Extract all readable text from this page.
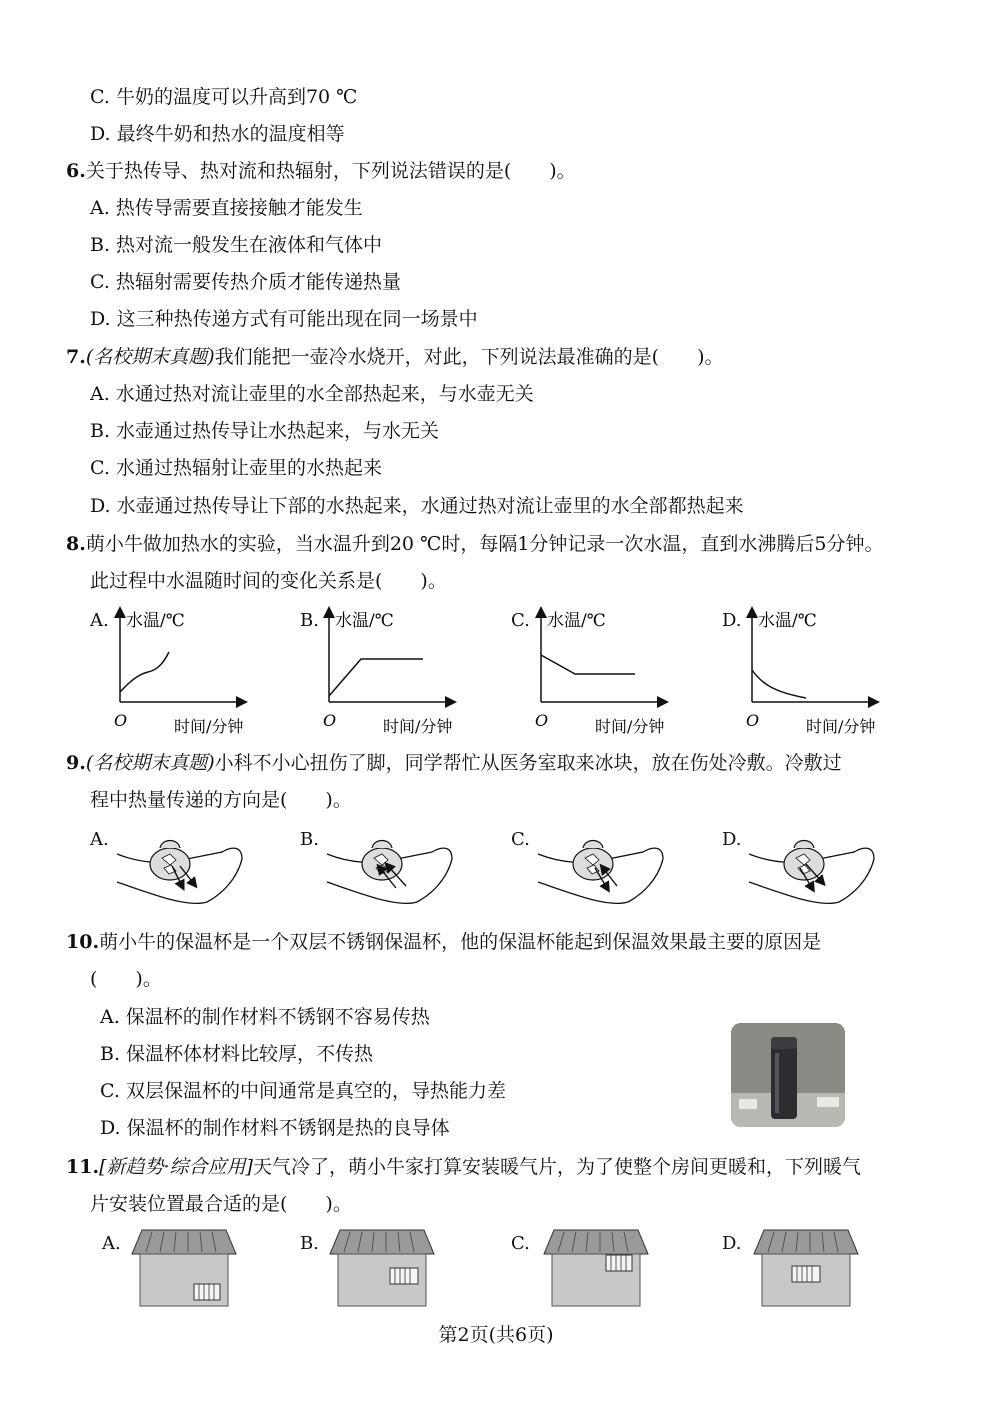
C. 牛奶的温度可以升高到70 ℃
D. 最终牛奶和热水的温度相等
6.关于热传导、热对流和热辐射，下列说法错误的是(　　)。
A. 热传导需要直接接触才能发生
B. 热对流一般发生在液体和气体中
C. 热辐射需要传热介质才能传递热量
D. 这三种热传递方式有可能出现在同一场景中
7.(名校期末真题)我们能把一壶冷水烧开，对此，下列说法最准确的是(　　)。
A. 水通过热对流让壶里的水全部热起来，与水壶无关
B. 水壶通过热传导让水热起来，与水无关
C. 水通过热辐射让壶里的水热起来
D. 水壶通过热传导让下部的水热起来，水通过热对流让壶里的水全部都热起来
8.萌小牛做加热水的实验，当水温升到20 ℃时，每隔1分钟记录一次水温，直到水沸腾后5分钟。
此过程中水温随时间的变化关系是(　　)。
A.	B.	C.	D.
水温/℃
O	时间/分钟
水温/℃
O	时间/分钟
水温/℃
O	时间/分钟
水温/℃
O	时间/分钟
9.(名校期末真题)小科不小心扭伤了脚，同学帮忙从医务室取来冰块，放在伤处冷敷。冷敷过
程中热量传递的方向是(　　)。
A.	B.	C.	D.
10.萌小牛的保温杯是一个双层不锈钢保温杯，他的保温杯能起到保温效果最主要的原因是
(　　)。
A. 保温杯的制作材料不锈钢不容易传热
B. 保温杯体材料比较厚，不传热
C. 双层保温杯的中间通常是真空的，导热能力差
D. 保温杯的制作材料不锈钢是热的良导体
11.[新趋势·综合应用]天气冷了，萌小牛家打算安装暖气片，为了使整个房间更暖和，下列暖气
片安装位置最合适的是(　　)。
A.	B.	C.	D.
第2页(共6页)
